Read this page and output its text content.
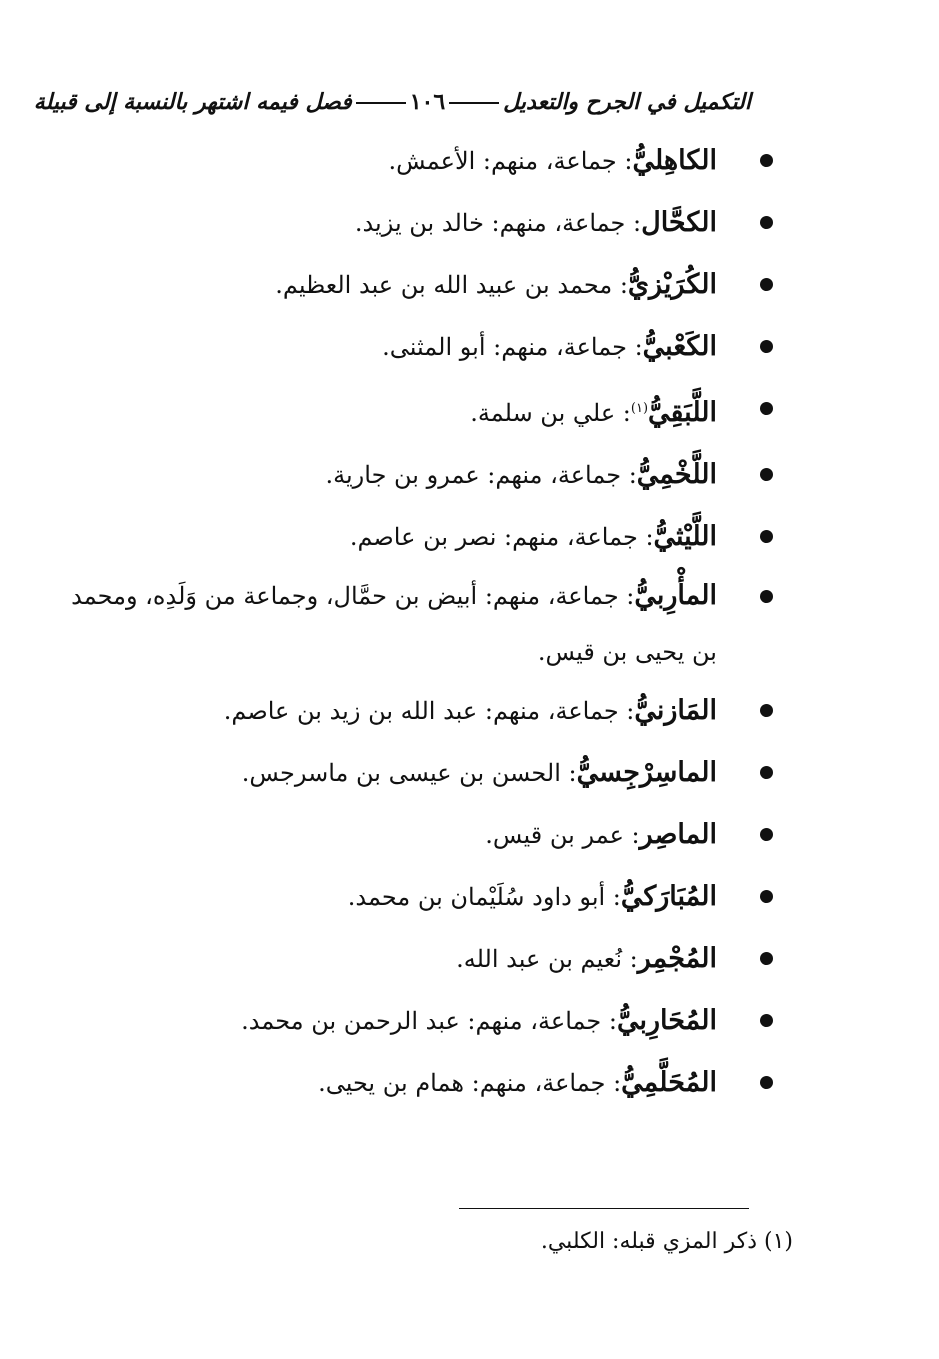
التكميل في الجرح والتعديل
١٠٦
فصل فيمه اشتهر بالنسبة إلى قبيلة
الكاهِليُّ: جماعة، منهم: الأعمش.
الكحَّال: جماعة، منهم: خالد بن يزيد.
الكُرَيْزيُّ: محمد بن عبيد الله بن عبد العظيم.
الكَعْبيُّ: جماعة، منهم: أبو المثنى.
اللَّبَقِيُّ$^{(١)}$: علي بن سلمة.
اللَّخْمِيُّ: جماعة، منهم: عمرو بن جارية.
اللَّيْثيُّ: جماعة، منهم: نصر بن عاصم.
المأْرِبيُّ: جماعة، منهم: أبيض بن حمَّال، وجماعة من وَلَدِه، ومحمد بن يحيى بن قيس.
المَازنيُّ: جماعة، منهم: عبد الله بن زيد بن عاصم.
الماسِرْجِسيُّ: الحسن بن عيسى بن ماسرجس.
الماصِر: عمر بن قيس.
المُبَارَكيُّ: أبو داود سُلَيْمان بن محمد.
المُجْمِر: نُعيم بن عبد الله.
المُحَارِبيُّ: جماعة، منهم: عبد الرحمن بن محمد.
المُحَلَّمِيُّ: جماعة، منهم: همام بن يحيى.
(١) ذكر المزي قبله: الكلبي.
